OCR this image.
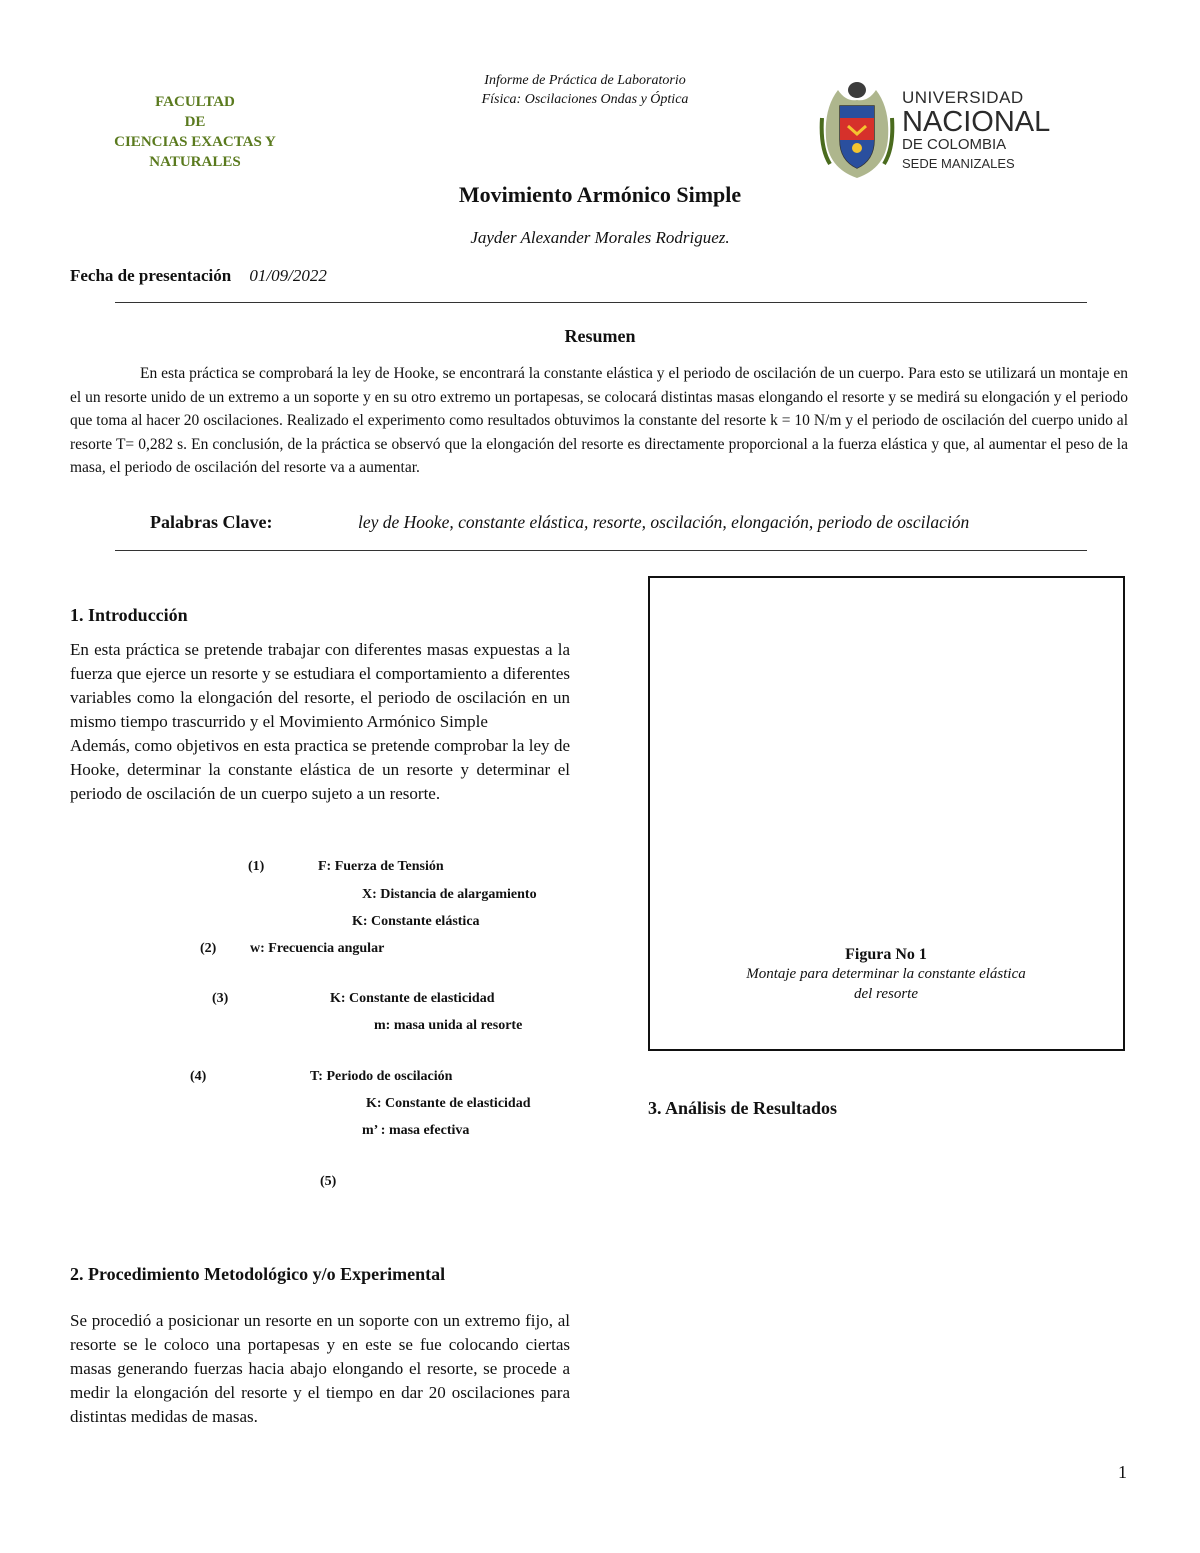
FACULTAD
DE
CIENCIAS EXACTAS Y
NATURALES
Informe de Práctica de Laboratorio
Física: Oscilaciones Ondas y Óptica	UNIVERSIDAD
NACIONAL
DE COLOMBIA
SEDE MANIZALES
Movimiento Armónico Simple
Jayder Alexander Morales Rodriguez.
Fecha de presentación 01/09/2022
Resumen
En esta práctica se comprobará la ley de Hooke, se encontrará la constante elástica y el periodo de oscilación de un cuerpo. Para esto se utilizará un montaje en el un resorte unido de un extremo a un soporte y en su otro extremo un portapesas, se colocará distintas masas elongando el resorte y se medirá su elongación y el periodo que toma al hacer 20 oscilaciones. Realizado el experimento como resultados obtuvimos la constante del resorte k = 10 N/m y el periodo de oscilación del cuerpo unido al resorte T= 0,282 s. En conclusión, de la práctica se observó que la elongación del resorte es directamente proporcional a la fuerza elástica y que, al aumentar el peso de la masa, el periodo de oscilación del resorte va a aumentar.
Palabras Clave:	ley de Hooke, constante elástica, resorte, oscilación, elongación, periodo de oscilación
1. Introducción
En esta práctica se pretende trabajar con diferentes masas expuestas a la fuerza que ejerce un resorte y se estudiara el comportamiento a diferentes variables como la elongación del resorte, el periodo de oscilación en un mismo tiempo trascurrido y el Movimiento Armónico Simple
Además, como objetivos en esta practica se pretende comprobar la ley de Hooke, determinar la constante elástica de un resorte y determinar el periodo de oscilación de un cuerpo sujeto a un resorte.
(1)	F: Fuerza de Tensión
X: Distancia de alargamiento
K: Constante elástica
(2) w: Frecuencia angular
(3)	K: Constante de elasticidad
m: masa unida al resorte
(4)	T: Periodo de oscilación
K: Constante de elasticidad
m’ : masa efectiva
(5)
2. Procedimiento Metodológico y/o Experimental
Se procedió a posicionar un resorte en un soporte con un extremo fijo, al resorte se le coloco una portapesas y en este se fue colocando ciertas masas generando fuerzas hacia abajo elongando el resorte, se procede a medir la elongación del resorte y el tiempo en dar 20 oscilaciones para distintas medidas de masas.
Figura No 1
Montaje para determinar la constante elástica
del resorte
3. Análisis de Resultados
1
